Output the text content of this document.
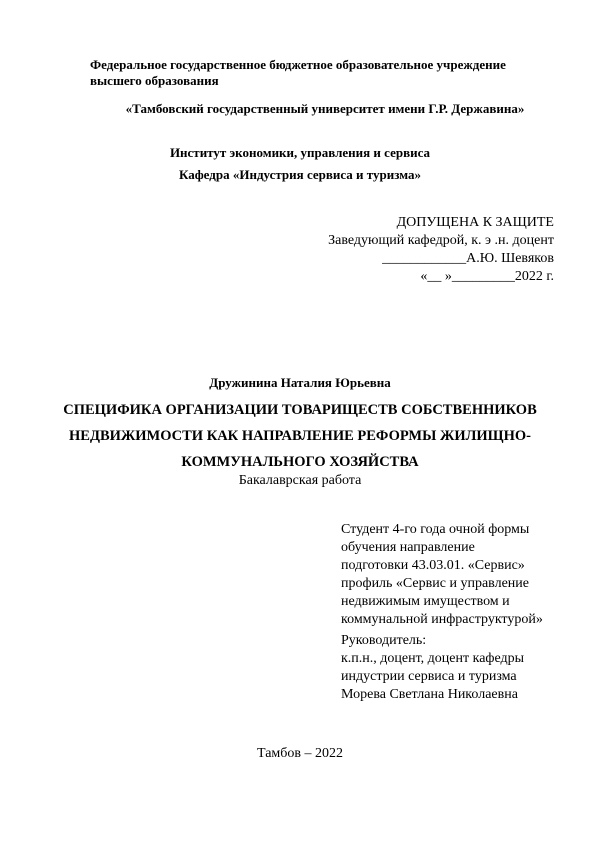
Федеральное государственное бюджетное образовательное учреждение
высшего образования

«Тамбовский государственный университет имени Г.Р. Державина»

Институт экономики, управления и сервиса

Кафедра «Индустрия сервиса и туризма»

ДОПУЩЕНА К ЗАЩИТЕ
Заведующий кафедрой, к. э .н. доцент
____________А.Ю. Шевяков
«__ »_________2022 г.

Дружинина Наталия Юрьевна

СПЕЦИФИКА ОРГАНИЗАЦИИ ТОВАРИЩЕСТВ СОБСТВЕННИКОВ
НЕДВИЖИМОСТИ КАК НАПРАВЛЕНИЕ РЕФОРМЫ ЖИЛИЩНО-
КОММУНАЛЬНОГО ХОЗЯЙСТВА

Бакалаврская работа

Студент 4-го года очной формы
обучения направление
подготовки 43.03.01. «Сервис»
профиль «Сервис и управление
недвижимым имуществом и
коммунальной инфраструктурой»
Руководитель:
к.п.н., доцент, доцент кафедры
индустрии сервиса и туризма
Морева Светлана Николаевна

Тамбов – 2022
